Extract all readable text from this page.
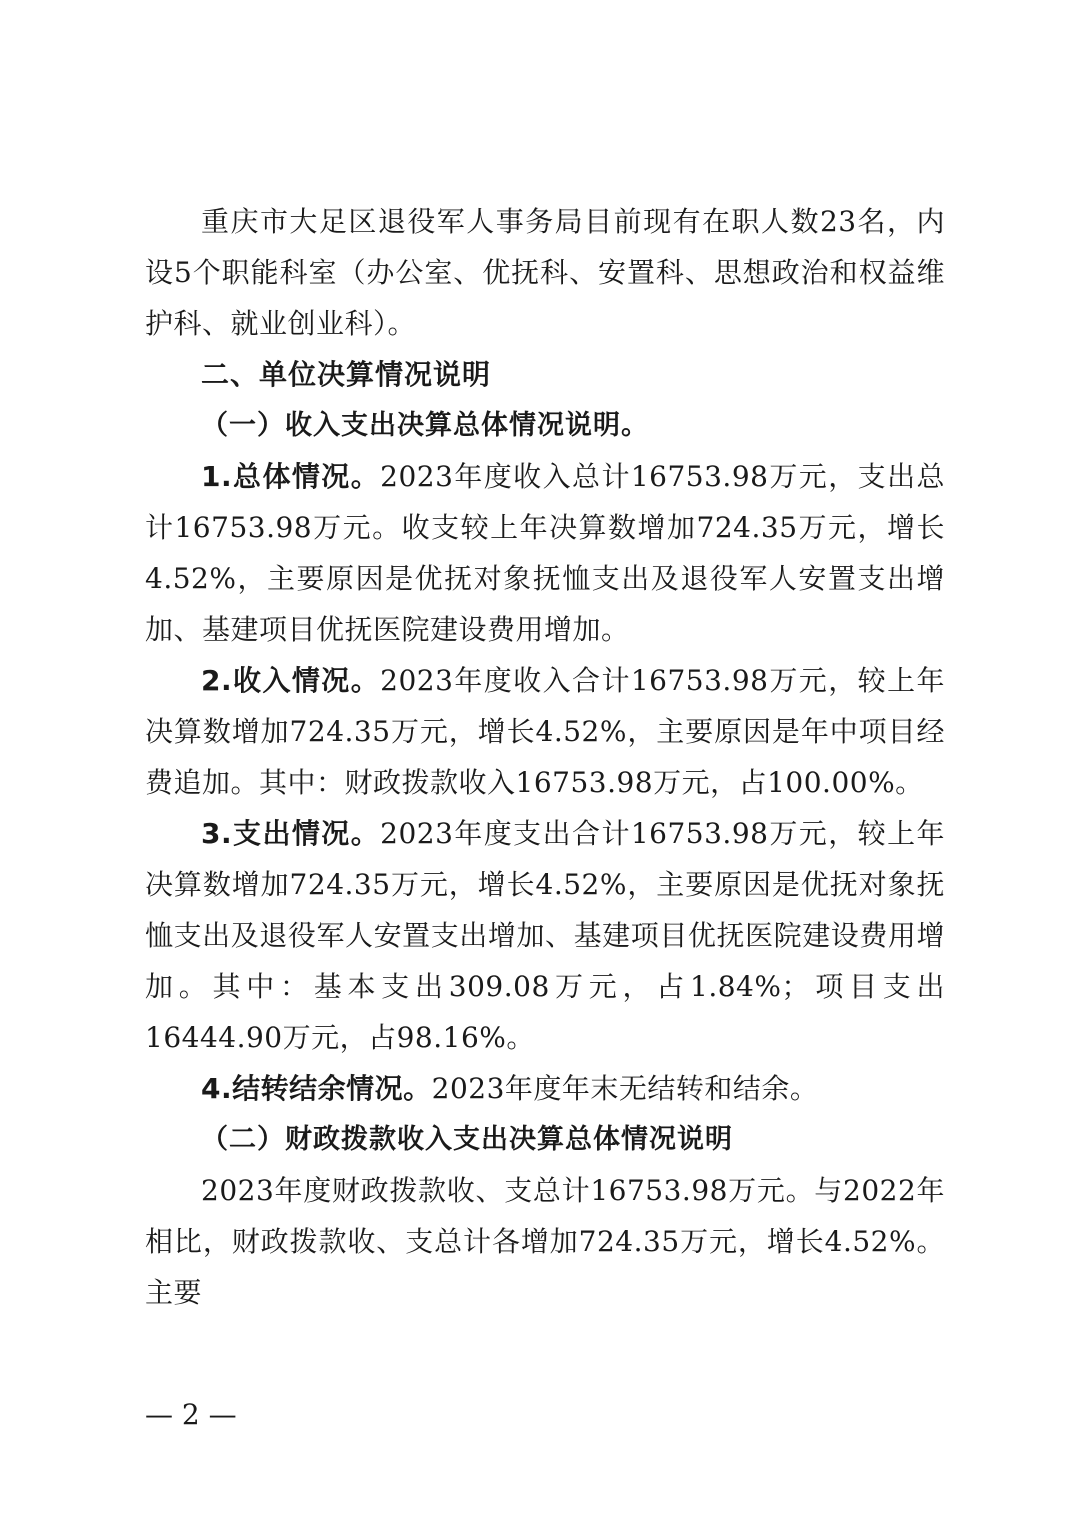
重庆市大足区退役军人事务局目前现有在职人数23名，内设5个职能科室（办公室、优抚科、安置科、思想政治和权益维护科、就业创业科）。

二、单位决算情况说明

（一）收入支出决算总体情况说明。

1.总体情况。2023年度收入总计16753.98万元，支出总计16753.98万元。收支较上年决算数增加724.35万元，增长4.52%，主要原因是优抚对象抚恤支出及退役军人安置支出增加、基建项目优抚医院建设费用增加。

2.收入情况。2023年度收入合计16753.98万元，较上年决算数增加724.35万元，增长4.52%，主要原因是年中项目经费追加。其中：财政拨款收入16753.98万元，占100.00%。

3.支出情况。2023年度支出合计16753.98万元，较上年决算数增加724.35万元，增长4.52%，主要原因是优抚对象抚恤支出及退役军人安置支出增加、基建项目优抚医院建设费用增加。其中：基本支出309.08万元，占1.84%；项目支出16444.90万元，占98.16%。

4.结转结余情况。2023年度年末无结转和结余。

（二）财政拨款收入支出决算总体情况说明

2023年度财政拨款收、支总计16753.98万元。与2022年相比，财政拨款收、支总计各增加724.35万元，增长4.52%。主要

— 2 —
